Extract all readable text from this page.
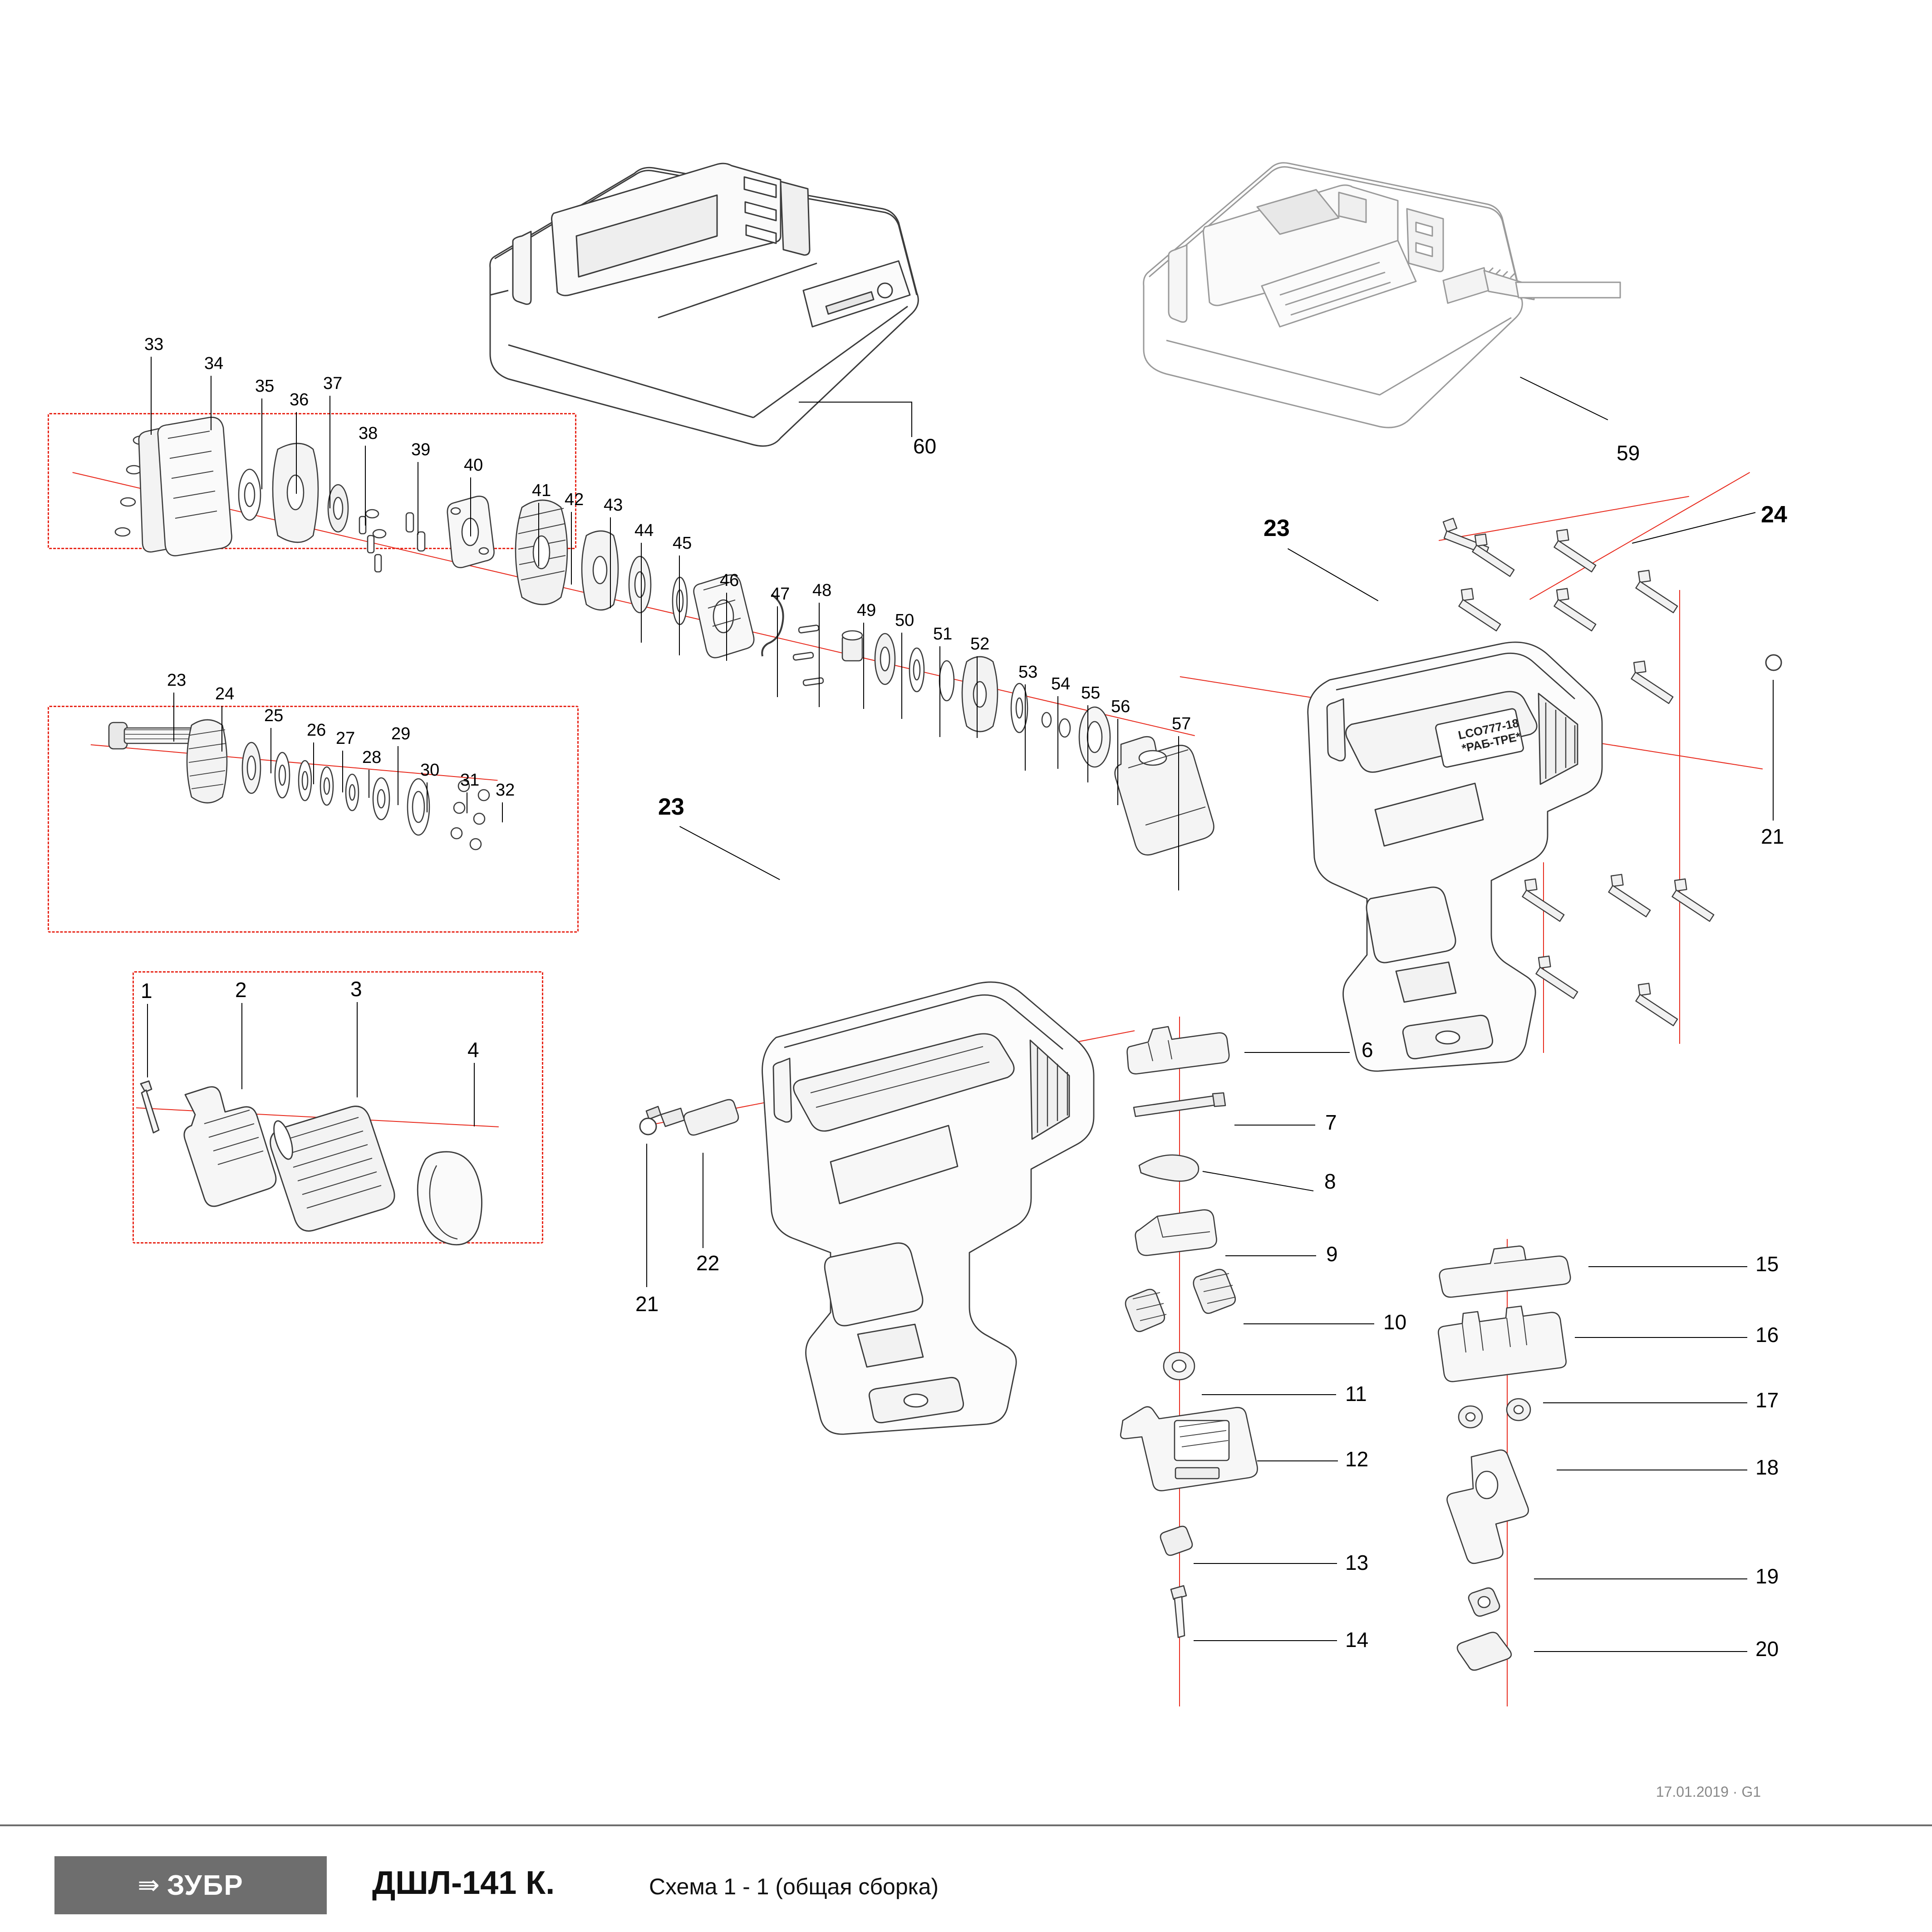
60	59
33
34
35
36
37
38
39
40
41 42 43
44
45
46
47 48
49
50
51
52
53
54 55
56
57
23
24
25
26 27
28
29
30
31
32
1	2	3
4
23
22
21
LCO777-18 *РАБ-ТРЕ*
23
24
21
6
7
8
9
10
11
12
13
14
15
16
17
18
19
20
17.01.2019 · G1
⇛ ЗУБР	ДШЛ-141 К.	Схема 1 - 1 (общая сборка)
